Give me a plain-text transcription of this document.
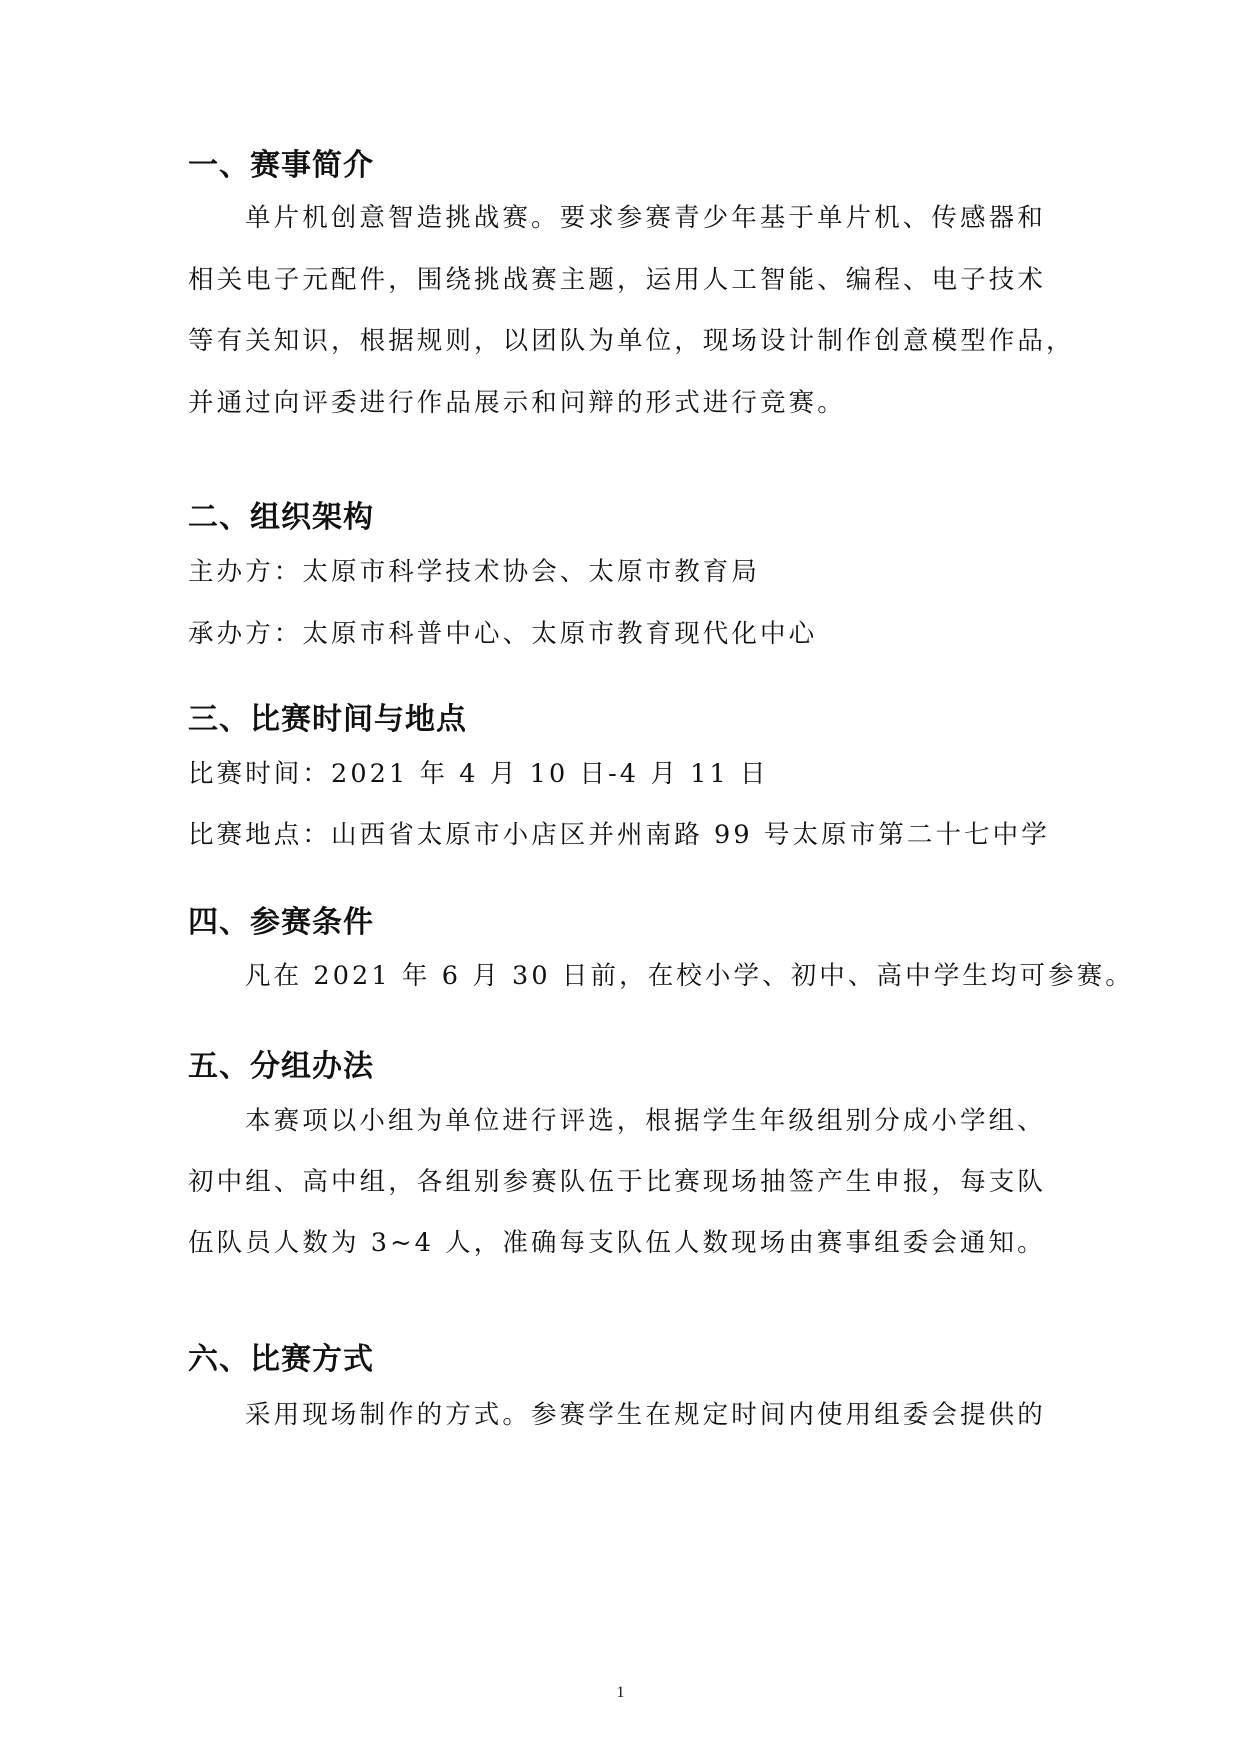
一、赛事简介
单片机创意智造挑战赛。要求参赛青少年基于单片机、传感器和
相关电子元配件，围绕挑战赛主题，运用人工智能、编程、电子技术
等有关知识，根据规则，以团队为单位，现场设计制作创意模型作品，
并通过向评委进行作品展示和问辩的形式进行竞赛。
二、组织架构
主办方：太原市科学技术协会、太原市教育局
承办方：太原市科普中心、太原市教育现代化中心
三、比赛时间与地点
比赛时间：2021 年 4 月 10 日-4 月 11 日
比赛地点：山西省太原市小店区并州南路 99 号太原市第二十七中学
四、参赛条件
凡在 2021 年 6 月 30 日前，在校小学、初中、高中学生均可参赛。
五、分组办法
本赛项以小组为单位进行评选，根据学生年级组别分成小学组、
初中组、高中组，各组别参赛队伍于比赛现场抽签产生申报，每支队
伍队员人数为 3~4 人，准确每支队伍人数现场由赛事组委会通知。
六、比赛方式
采用现场制作的方式。参赛学生在规定时间内使用组委会提供的
1
